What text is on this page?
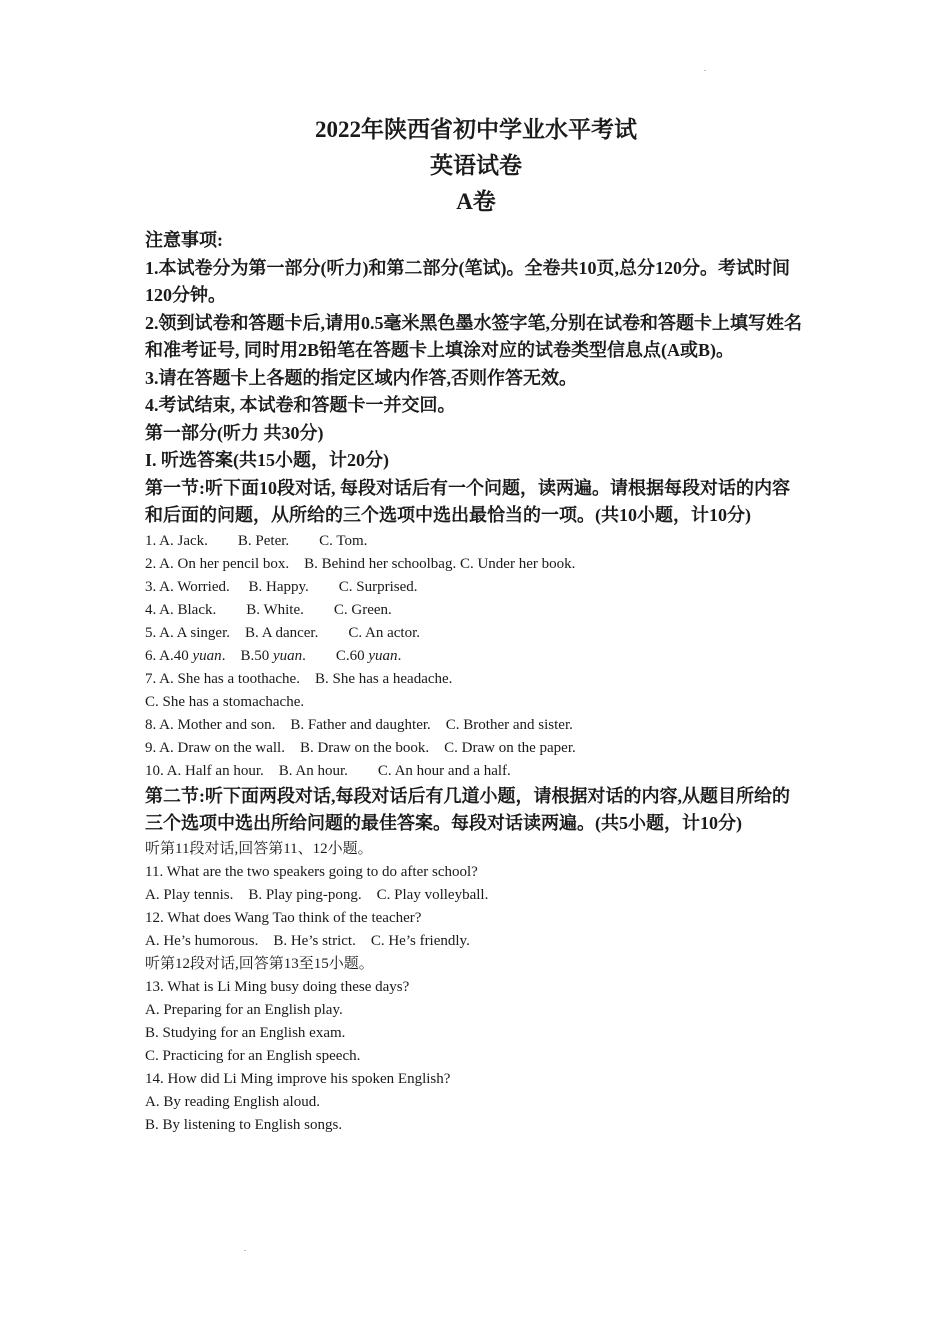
2022年陕西省初中学业水平考试
英语试卷
A卷

注意事项:

1.本试卷分为第一部分(听力)和第二部分(笔试)。全卷共10页,总分120分。考试时间120分钟。

2.领到试卷和答题卡后,请用0.5毫米黑色墨水签字笔,分别在试卷和答题卡上填写姓名和准考证号, 同时用2B铅笔在答题卡上填涂对应的试卷类型信息点(A或B)。

3.请在答题卡上各题的指定区域内作答,否则作答无效。

4.考试结束, 本试卷和答题卡一并交回。

第一部分(听力 共30分)

I. 听选答案(共15小题，计20分)

第一节:听下面10段对话, 每段对话后有一个问题，读两遍。请根据每段对话的内容和后面的问题，从所给的三个选项中选出最恰当的一项。(共10小题，计10分)

1. A. Jack.        B. Peter.        C. Tom.

2. A. On her pencil box.    B. Behind her schoolbag. C. Under her book.

3. A. Worried.     B. Happy.        C. Surprised.

4. A. Black.        B. White.        C. Green.

5. A. A singer.    B. A dancer.        C. An actor.

6. A.40 yuan.    B.50 yuan.        C.60 yuan.

7. A. She has a toothache.    B. She has a headache.

C. She has a stomachache.

8. A. Mother and son.    B. Father and daughter.    C. Brother and sister.

9. A. Draw on the wall.    B. Draw on the book.    C. Draw on the paper.

10. A. Half an hour.    B. An hour.        C. An hour and a half.

第二节:听下面两段对话,每段对话后有几道小题，请根据对话的内容,从题目所给的三个选项中选出所给问题的最佳答案。每段对话读两遍。(共5小题，计10分)

听第11段对话,回答第11、12小题。

11. What are the two speakers going to do after school?

A. Play tennis.    B. Play ping-pong.    C. Play volleyball.

12. What does Wang Tao think of the teacher?

A. He’s humorous.    B. He’s strict.    C. He’s friendly.

听第12段对话,回答第13至15小题。

13. What is Li Ming busy doing these days?

A. Preparing for an English play.

B. Studying for an English exam.

C. Practicing for an English speech.

14. How did Li Ming improve his spoken English?

A. By reading English aloud.

B. By listening to English songs.
